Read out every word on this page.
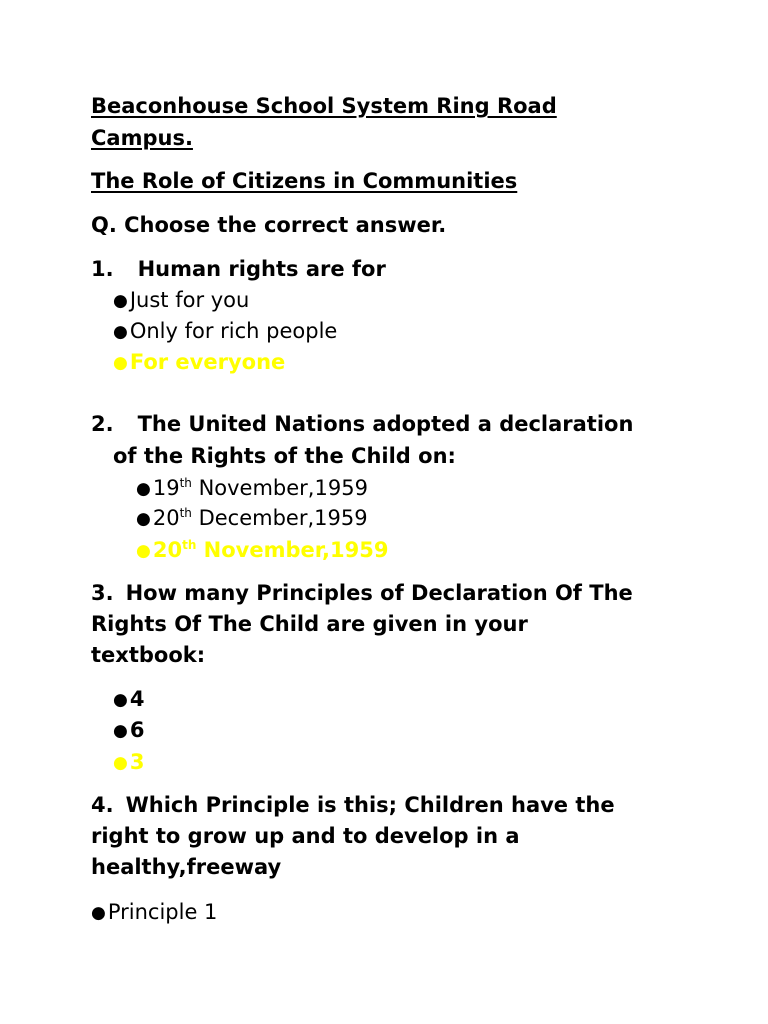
Beaconhouse School System Ring Road
Campus.
The Role of Citizens in Communities
Q. Choose the correct answer.
1. Human rights are for
●Just for you
●Only for rich people
●For everyone
2. The United Nations adopted a declaration
of the Rights of the Child on:
●19th November,1959
●20th December,1959
●20th November,1959
3. How many Principles of Declaration Of The
Rights Of The Child are given in your
textbook:
●4
●6
●3
4. Which Principle is this; Children have the
right to grow up and to develop in a
healthy,freeway
●Principle 1
